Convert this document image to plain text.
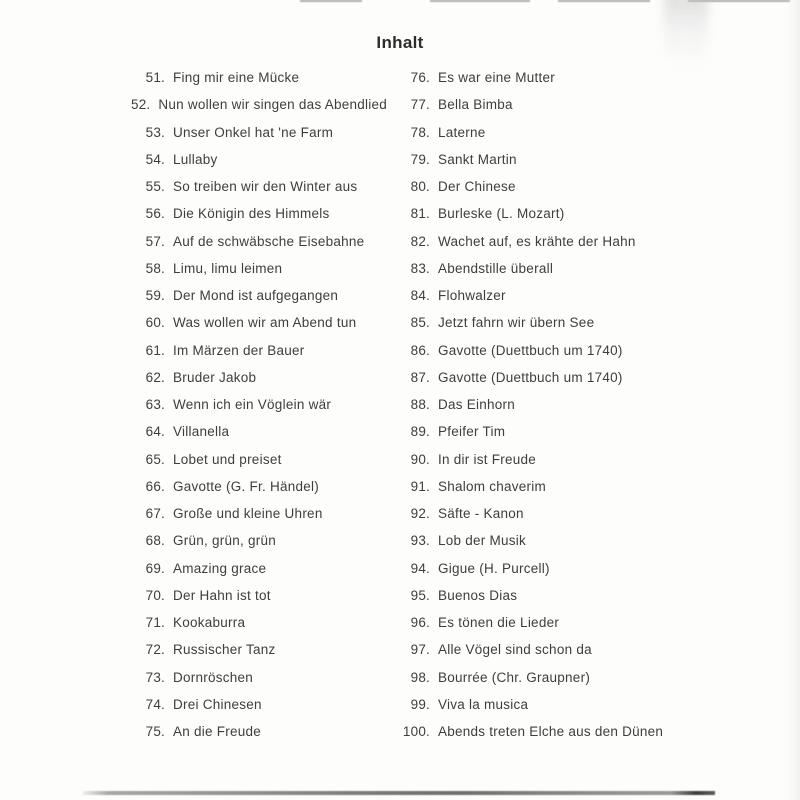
Inhalt
51. Fing mir eine Mücke
52. Nun wollen wir singen das Abendlied
53. Unser Onkel hat 'ne Farm
54. Lullaby
55. So treiben wir den Winter aus
56. Die Königin des Himmels
57. Auf de schwäbsche Eisebahne
58. Limu, limu leimen
59. Der Mond ist aufgegangen
60. Was wollen wir am Abend tun
61. Im Märzen der Bauer
62. Bruder Jakob
63. Wenn ich ein Vöglein wär
64. Villanella
65. Lobet und preiset
66. Gavotte (G. Fr. Händel)
67. Große und kleine Uhren
68. Grün, grün, grün
69. Amazing grace
70. Der Hahn ist tot
71. Kookaburra
72. Russischer Tanz
73. Dornröschen
74. Drei Chinesen
75. An die Freude
76. Es war eine Mutter
77. Bella Bimba
78. Laterne
79. Sankt Martin
80. Der Chinese
81. Burleske (L. Mozart)
82. Wachet auf, es krähte der Hahn
83. Abendstille überall
84. Flohwalzer
85. Jetzt fahrn wir übern See
86. Gavotte (Duettbuch um 1740)
87. Gavotte (Duettbuch um 1740)
88. Das Einhorn
89. Pfeifer Tim
90. In dir ist Freude
91. Shalom chaverim
92. Säfte - Kanon
93. Lob der Musik
94. Gigue (H. Purcell)
95. Buenos Dias
96. Es tönen die Lieder
97. Alle Vögel sind schon da
98. Bourrée (Chr. Graupner)
99. Viva la musica
100. Abends treten Elche aus den Dünen
